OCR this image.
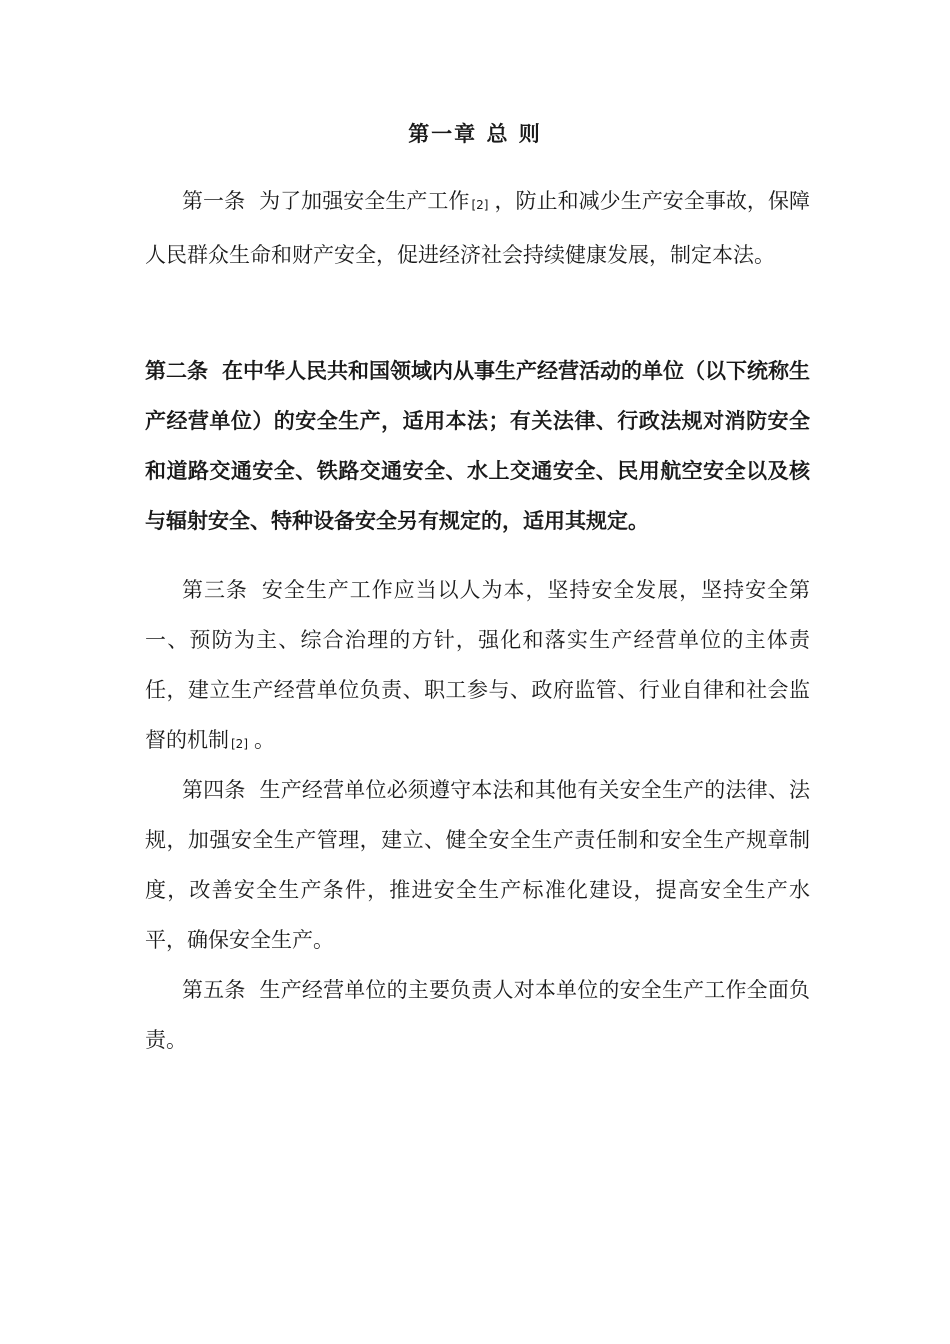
第一章 总 则
第一条 为了加强安全生产工作 [2] ，防止和减少生产安全事故，保障人民群众生命和财产安全，促进经济社会持续健康发展，制定本法。
第二条 在中华人民共和国领域内从事生产经营活动的单位（以下统称生产经营单位）的安全生产，适用本法；有关法律、行政法规对消防安全和道路交通安全、铁路交通安全、水上交通安全、民用航空安全以及核与辐射安全、特种设备安全另有规定的，适用其规定。
第三条 安全生产工作应当以人为本，坚持安全发展，坚持安全第一、预防为主、综合治理的方针，强化和落实生产经营单位的主体责任，建立生产经营单位负责、职工参与、政府监管、行业自律和社会监督的机制 [2] 。
第四条 生产经营单位必须遵守本法和其他有关安全生产的法律、法规，加强安全生产管理，建立、健全安全生产责任制和安全生产规章制度，改善安全生产条件，推进安全生产标准化建设，提高安全生产水平，确保安全生产。
第五条 生产经营单位的主要负责人对本单位的安全生产工作全面负责。
